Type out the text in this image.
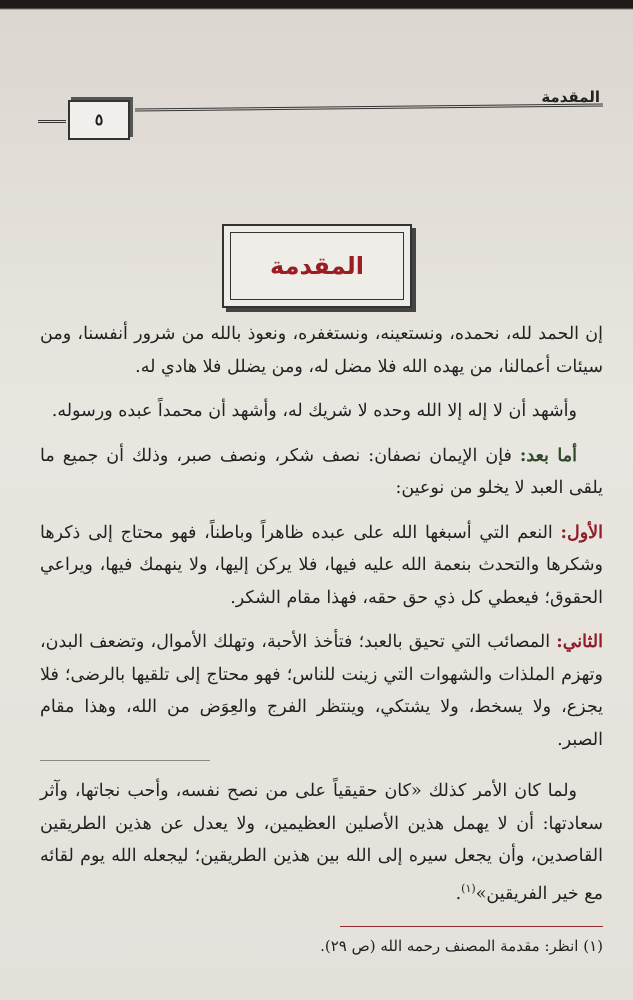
المقدمة
٥
المقدمة

إن الحمد لله، نحمده، ونستعينه، ونستغفره، ونعوذ بالله من شرور أنفسنا، ومن سيئات أعمالنا، من يهده الله فلا مضل له، ومن يضلل فلا هادي له.

وأشهد أن لا إله إلا الله وحده لا شريك له، وأشهد أن محمداً عبده ورسوله.

أما بعد: فإن الإيمان نصفان: نصف شكر، ونصف صبر، وذلك أن جميع ما يلقى العبد لا يخلو من نوعين:

الأول: النعم التي أسبغها الله على عبده ظاهراً وباطناً، فهو محتاج إلى ذكرها وشكرها والتحدث بنعمة الله عليه فيها، فلا يركن إليها، ولا ينهمك فيها، ويراعي الحقوق؛ فيعطي كل ذي حق حقه، فهذا مقام الشكر.

الثاني: المصائب التي تحيق بالعبد؛ فتأخذ الأحبة، وتهلك الأموال، وتضعف البدن، وتهزم الملذات والشهوات التي زينت للناس؛ فهو محتاج إلى تلقيها بالرضى؛ فلا يجزع، ولا يسخط، ولا يشتكي، وينتظر الفرج والعِوَض من الله، وهذا مقام الصبر.

ولما كان الأمر كذلك «كان حقيقياً على من نصح نفسه، وأحب نجاتها، وآثر سعادتها: أن لا يهمل هذين الأصلين العظيمين، ولا يعدل عن هذين الطريقين القاصدين، وأن يجعل سيره إلى الله بين هذين الطريقين؛ ليجعله الله يوم لقائه مع خير الفريقين»$^{(١)}$.

(١) انظر: مقدمة المصنف رحمه الله (ص ٢٩).
